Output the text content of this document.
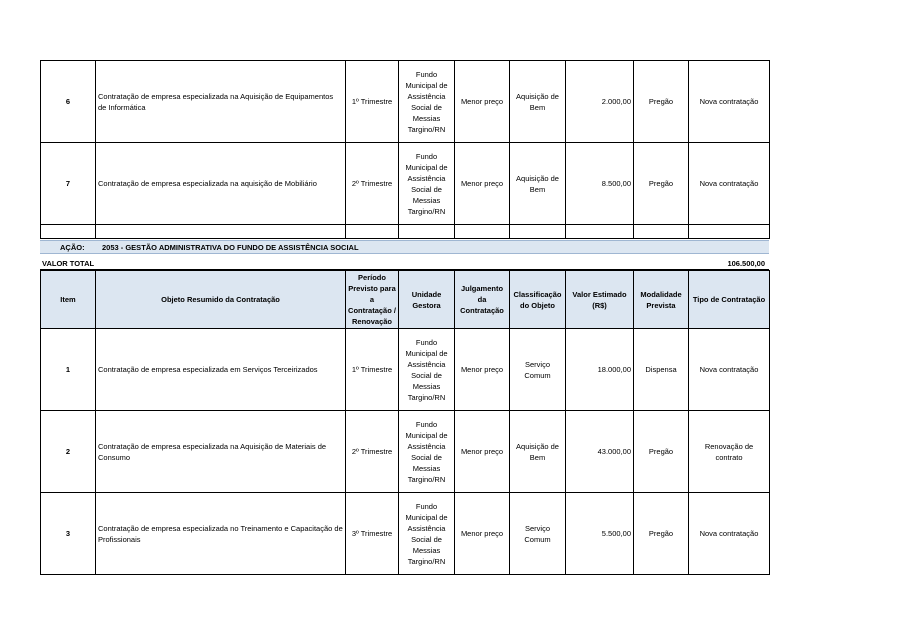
6	Contratação de empresa especializada na Aquisição de Equipamentos de Informática	1º Trimestre	Fundo Municipal de Assistência Social de Messias Targino/RN	Menor preço	Aquisição de Bem	2.000,00	Pregão	Nova contratação
7	Contratação de empresa especializada na aquisição de Mobiliário	2º Trimestre	Fundo Municipal de Assistência Social de Messias Targino/RN	Menor preço	Aquisição de Bem	8.500,00	Pregão	Nova contratação

AÇÃO: 2053 - GESTÃO ADMINISTRATIVA DO FUNDO DE ASSISTÊNCIA SOCIAL
VALOR TOTAL	106.500,00
Item	Objeto Resumido da Contratação	Período Previsto para a Contratação / Renovação	Unidade Gestora	Julgamento da Contratação	Classificação do Objeto	Valor Estimado (R$)	Modalidade Prevista	Tipo de Contratação
1	Contratação de empresa especializada em Serviços Terceirizados	1º Trimestre	Fundo Municipal de Assistência Social de Messias Targino/RN	Menor preço	Serviço Comum	18.000,00	Dispensa	Nova contratação
2	Contratação de empresa especializada na Aquisição de Materiais de Consumo	2º Trimestre	Fundo Municipal de Assistência Social de Messias Targino/RN	Menor preço	Aquisição de Bem	43.000,00	Pregão	Renovação de contrato
3	Contratação de empresa especializada no Treinamento e Capacitação de Profissionais	3º Trimestre	Fundo Municipal de Assistência Social de Messias Targino/RN	Menor preço	Serviço Comum	5.500,00	Pregão	Nova contratação
